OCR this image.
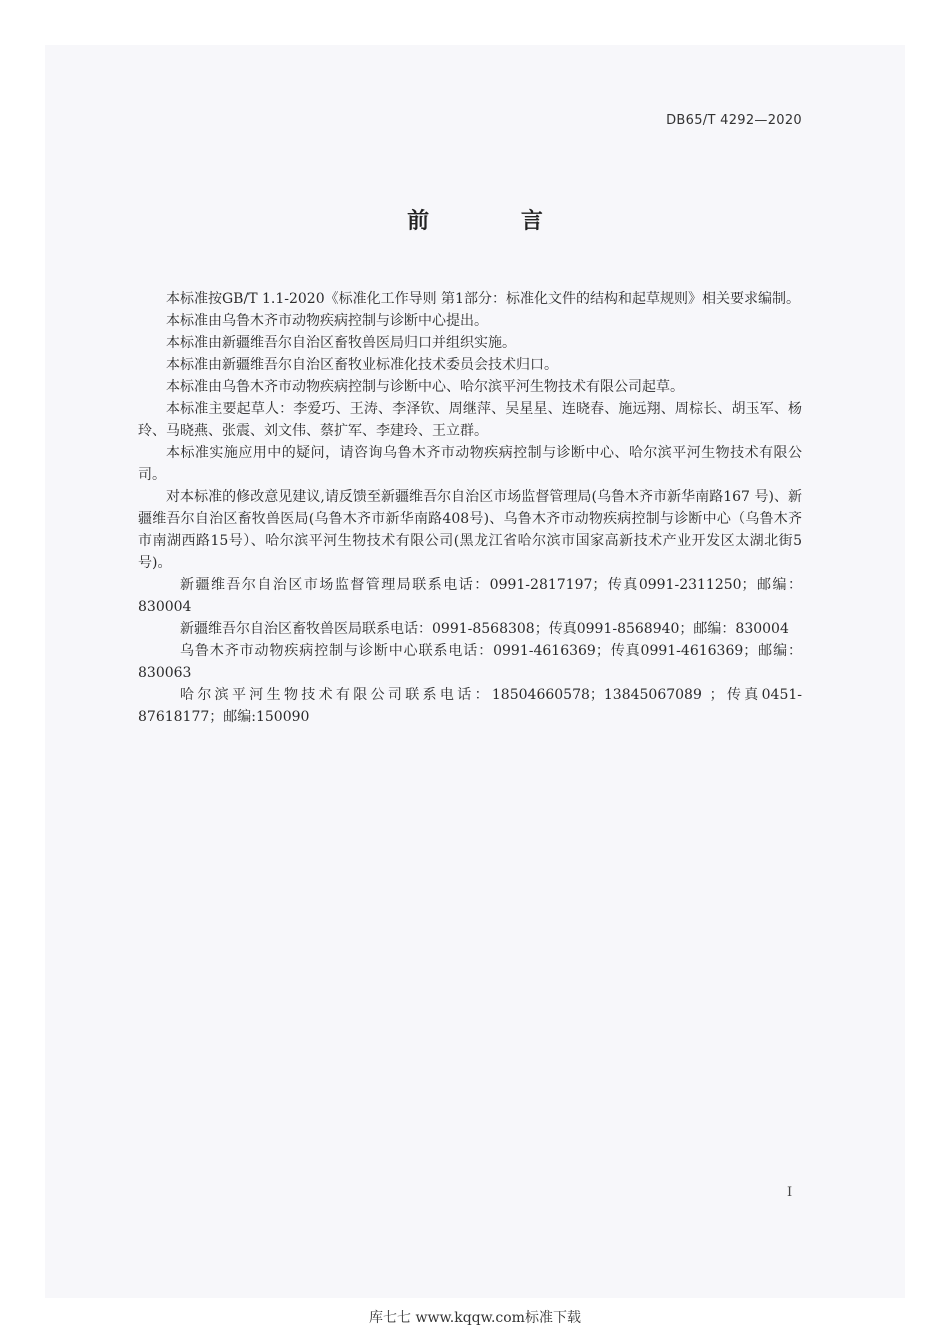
DB65/T 4292—2020
前 言

本标准按GB/T 1.1-2020《标准化工作导则 第1部分：标准化文件的结构和起草规则》相关要求编制。

本标准由乌鲁木齐市动物疾病控制与诊断中心提出。

本标准由新疆维吾尔自治区畜牧兽医局归口并组织实施。

本标准由新疆维吾尔自治区畜牧业标准化技术委员会技术归口。

本标准由乌鲁木齐市动物疾病控制与诊断中心、哈尔滨平河生物技术有限公司起草。

本标准主要起草人：李爱巧、王涛、李泽钦、周继萍、吴星星、连晓春、施远翔、周棕长、胡玉军、杨玲、马晓燕、张震、刘文伟、蔡扩军、李建玲、王立群。

本标准实施应用中的疑问，请咨询乌鲁木齐市动物疾病控制与诊断中心、哈尔滨平河生物技术有限公司。

对本标准的修改意见建议,请反馈至新疆维吾尔自治区市场监督管理局(乌鲁木齐市新华南路167 号)、新疆维吾尔自治区畜牧兽医局(乌鲁木齐市新华南路408号)、乌鲁木齐市动物疾病控制与诊断中心（乌鲁木齐市南湖西路15号）、哈尔滨平河生物技术有限公司(黑龙江省哈尔滨市国家高新技术产业开发区太湖北街5号)。

新疆维吾尔自治区市场监督管理局联系电话：0991-2817197；传真0991-2311250；邮编：830004

新疆维吾尔自治区畜牧兽医局联系电话：0991-8568308；传真0991-8568940；邮编：830004

乌鲁木齐市动物疾病控制与诊断中心联系电话：0991-4616369；传真0991-4616369；邮编：830063

哈尔滨平河生物技术有限公司联系电话：18504660578；13845067089 ；传真0451-87618177；邮编:150090

I
库七七 www.kqqw.com标准下载
